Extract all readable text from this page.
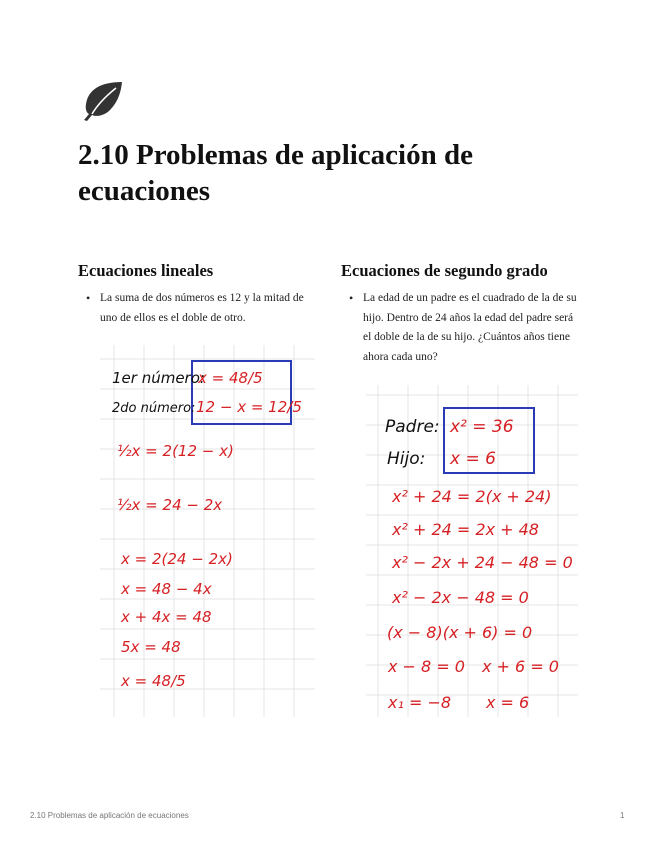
2.10 Problemas de aplicación de ecuaciones
Ecuaciones lineales
• La suma de dos números es 12 y la mitad de uno de ellos es el doble de otro.
1er número:
x = 48/5
2do número: 12 − x = 12/5
½x = 2(12 − x)
½x = 24 − 2x
x = 2(24 − 2x)
x = 48 − 4x
x + 4x = 48
5x = 48
x = 48/5
Ecuaciones de segundo grado
• La edad de un padre es el cuadrado de la de su hijo. Dentro de 24 años la edad del padre será el doble de la de su hijo. ¿Cuántos años tiene ahora cada uno?
Padre: x² = 36
Hijo: x = 6
x² + 24 = 2(x + 24)
x² + 24 = 2x + 48
x² − 2x + 24 − 48 = 0
x² − 2x − 48 = 0
(x − 8)(x + 6) = 0
x − 8 = 0 x + 6 = 0
x₁ = −8 x = 6
2.10 Problemas de aplicación de ecuaciones	1
